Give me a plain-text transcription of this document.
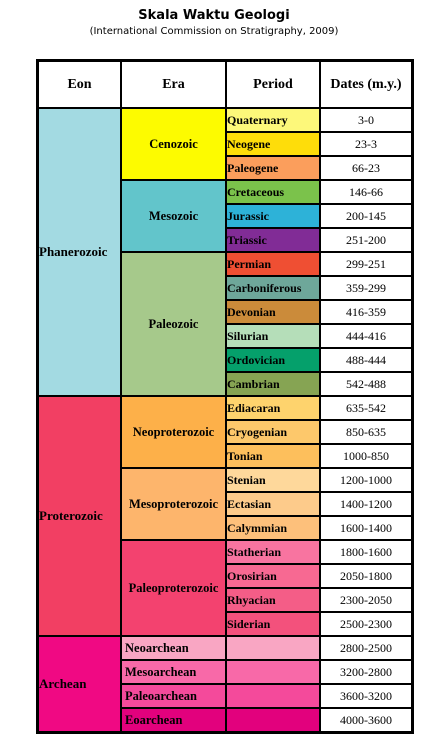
Skala Waktu Geologi
(International Commission on Stratigraphy, 2009)
Eon	Era	Period	Dates (m.y.)
Phanerozoic	Cenozoic	Quaternary	3-0
		Neogene	23-3
		Paleogene	66-23
	Mesozoic	Cretaceous	146-66
		Jurassic	200-145
		Triassic	251-200
	Paleozoic	Permian	299-251
		Carboniferous	359-299
		Devonian	416-359
		Silurian	444-416
		Ordovician	488-444
		Cambrian	542-488
Proterozoic	Neoproterozoic	Ediacaran	635-542
		Cryogenian	850-635
		Tonian	1000-850
	Mesoproterozoic	Stenian	1200-1000
		Ectasian	1400-1200
		Calymmian	1600-1400
	Paleoproterozoic	Statherian	1800-1600
		Orosirian	2050-1800
		Rhyacian	2300-2050
		Siderian	2500-2300
Archean	Neoarchean		2800-2500
	Mesoarchean		3200-2800
	Paleoarchean		3600-3200
	Eoarchean		4000-3600
